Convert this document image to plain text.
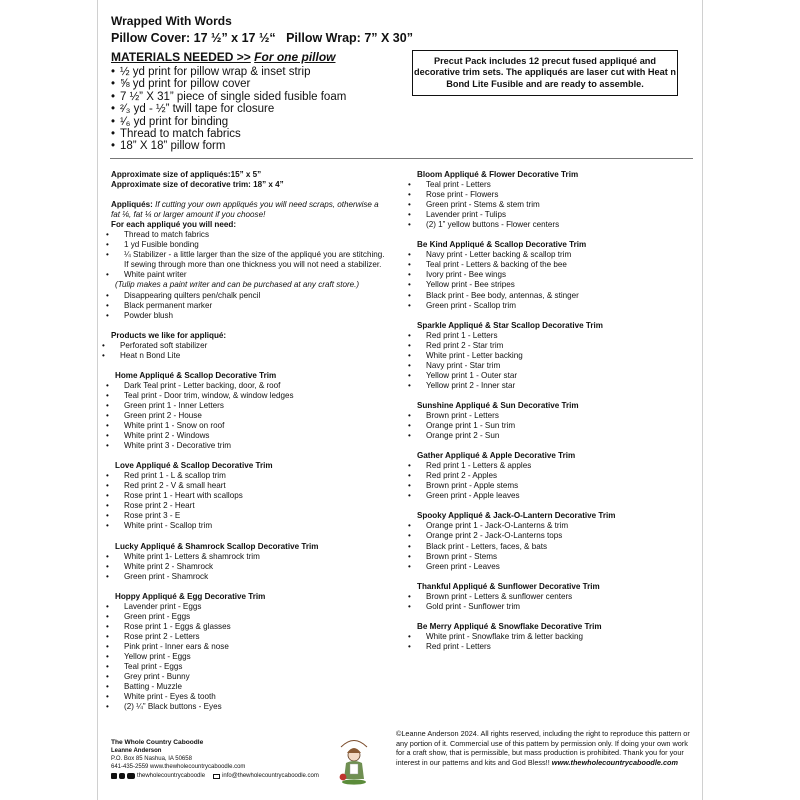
Wrapped With Words
Pillow Cover: 17 ½” x 17 ½“   Pillow Wrap: 7” X 30”
MATERIALS NEEDED >> For one pillow
• ½ yd print for pillow wrap & inset strip
• ⅝ yd print for pillow cover
• 7 ½” X 31” piece of single sided fusible foam
• ²⁄₃ yd - ½” twill tape for closure
• ¹⁄₆ yd print for binding
• Thread to match fabrics
• 18” X 18” pillow form
Precut Pack includes 12 precut fused appliqué and decorative trim sets. The appliqués are laser cut with Heat n Bond Lite Fusible and are ready to assemble.
Approximate size of appliqués:15” x 5”
Approximate size of decorative trim: 18” x 4”
Appliqués: If cutting your own appliqués you will need scraps, otherwise a fat ⅛, fat ¼ or larger amount if you choose!
For each appliqué you will need:
• Thread to match fabrics
• 1 yd Fusible bonding
• ¼ Stabilizer - a little larger than the size of the appliqué you are stitching. If sewing through more than one thickness you will not need a stabilizer.
• White paint writer
(Tulip makes a paint writer and can be purchased at any craft store.)
• Disappearing quilters pen/chalk pencil
• Black permanent marker
• Powder blush
Products we like for appliqué:
• Perforated soft stabilizer
• Heat n Bond Lite
Home Appliqué & Scallop Decorative Trim
• Dark Teal print - Letter backing, door, & roof
• Teal print - Door trim, window, & window ledges
• Green print 1 - Inner Letters
• Green print 2 - House
• White print 1 - Snow on roof
• White print 2 - Windows
• White print 3 - Decorative trim
Love Appliqué & Scallop Decorative Trim
• Red print 1 - L & scallop trim
• Red print 2 - V & small heart
• Rose print 1 - Heart with scallops
• Rose print 2 - Heart
• Rose print 3 - E
• White print - Scallop trim
Lucky Appliqué & Shamrock Scallop Decorative Trim
• White print 1- Letters & shamrock trim
• White print 2 - Shamrock
• Green print - Shamrock
Hoppy Appliqué & Egg Decorative Trim
• Lavender print - Eggs
• Green print - Eggs
• Rose print 1 - Eggs & glasses
• Rose print 2 - Letters
• Pink print - Inner ears & nose
• Yellow print - Eggs
• Teal print - Eggs
• Grey print - Bunny
• Batting - Muzzle
• White print - Eyes & tooth
• (2) ¼” Black buttons - Eyes
Bloom Appliqué & Flower Decorative Trim
• Teal print - Letters
• Rose print - Flowers
• Green print - Stems & stem trim
• Lavender print - Tulips
• (2) 1” yellow buttons - Flower centers
Be Kind Appliqué & Scallop Decorative Trim
• Navy print - Letter backing & scallop trim
• Teal print - Letters & backing of the bee
• Ivory print - Bee wings
• Yellow print - Bee stripes
• Black print - Bee body, antennas, & stinger
• Green print - Scallop trim
Sparkle Appliqué & Star Scallop Decorative Trim
• Red print 1 - Letters
• Red print 2 - Star trim
• White print - Letter backing
• Navy print - Star trim
• Yellow print 1 - Outer star
• Yellow print 2 - Inner star
Sunshine Appliqué & Sun Decorative Trim
• Brown print - Letters
• Orange print 1 - Sun trim
• Orange print 2 - Sun
Gather Appliqué & Apple Decorative Trim
• Red print 1 - Letters & apples
• Red print 2 - Apples
• Brown print - Apple stems
• Green print - Apple leaves
Spooky Appliqué & Jack-O-Lantern Decorative Trim
• Orange print 1 - Jack-O-Lanterns & trim
• Orange print 2 - Jack-O-Lanterns tops
• Black print - Letters, faces, & bats
• Brown print - Stems
• Green print - Leaves
Thankful Appliqué & Sunflower Decorative Trim
• Brown print - Letters & sunflower centers
• Gold print - Sunflower trim
Be Merry Appliqué & Snowflake Decorative Trim
• White print - Snowflake trim & letter backing
• Red print - Letters
The Whole Country Caboodle
Leanne Anderson
P.O. Box 85 Nashua, IA 50658
641-435-2559 www.thewholecountrycaboodle.com
thewholecountrycaboodle	info@thewholecountrycaboodle.com
©Leanne Anderson 2024. All rights reserved, including the right to reproduce this pattern or any portion of it. Commercial use of this pattern by permission only. If doing your own work for a craft show, that is permissible, but mass production is prohibited. Thank you for your interest in our patterns and kits and God Bless!! www.thewholecountrycaboodle.com
